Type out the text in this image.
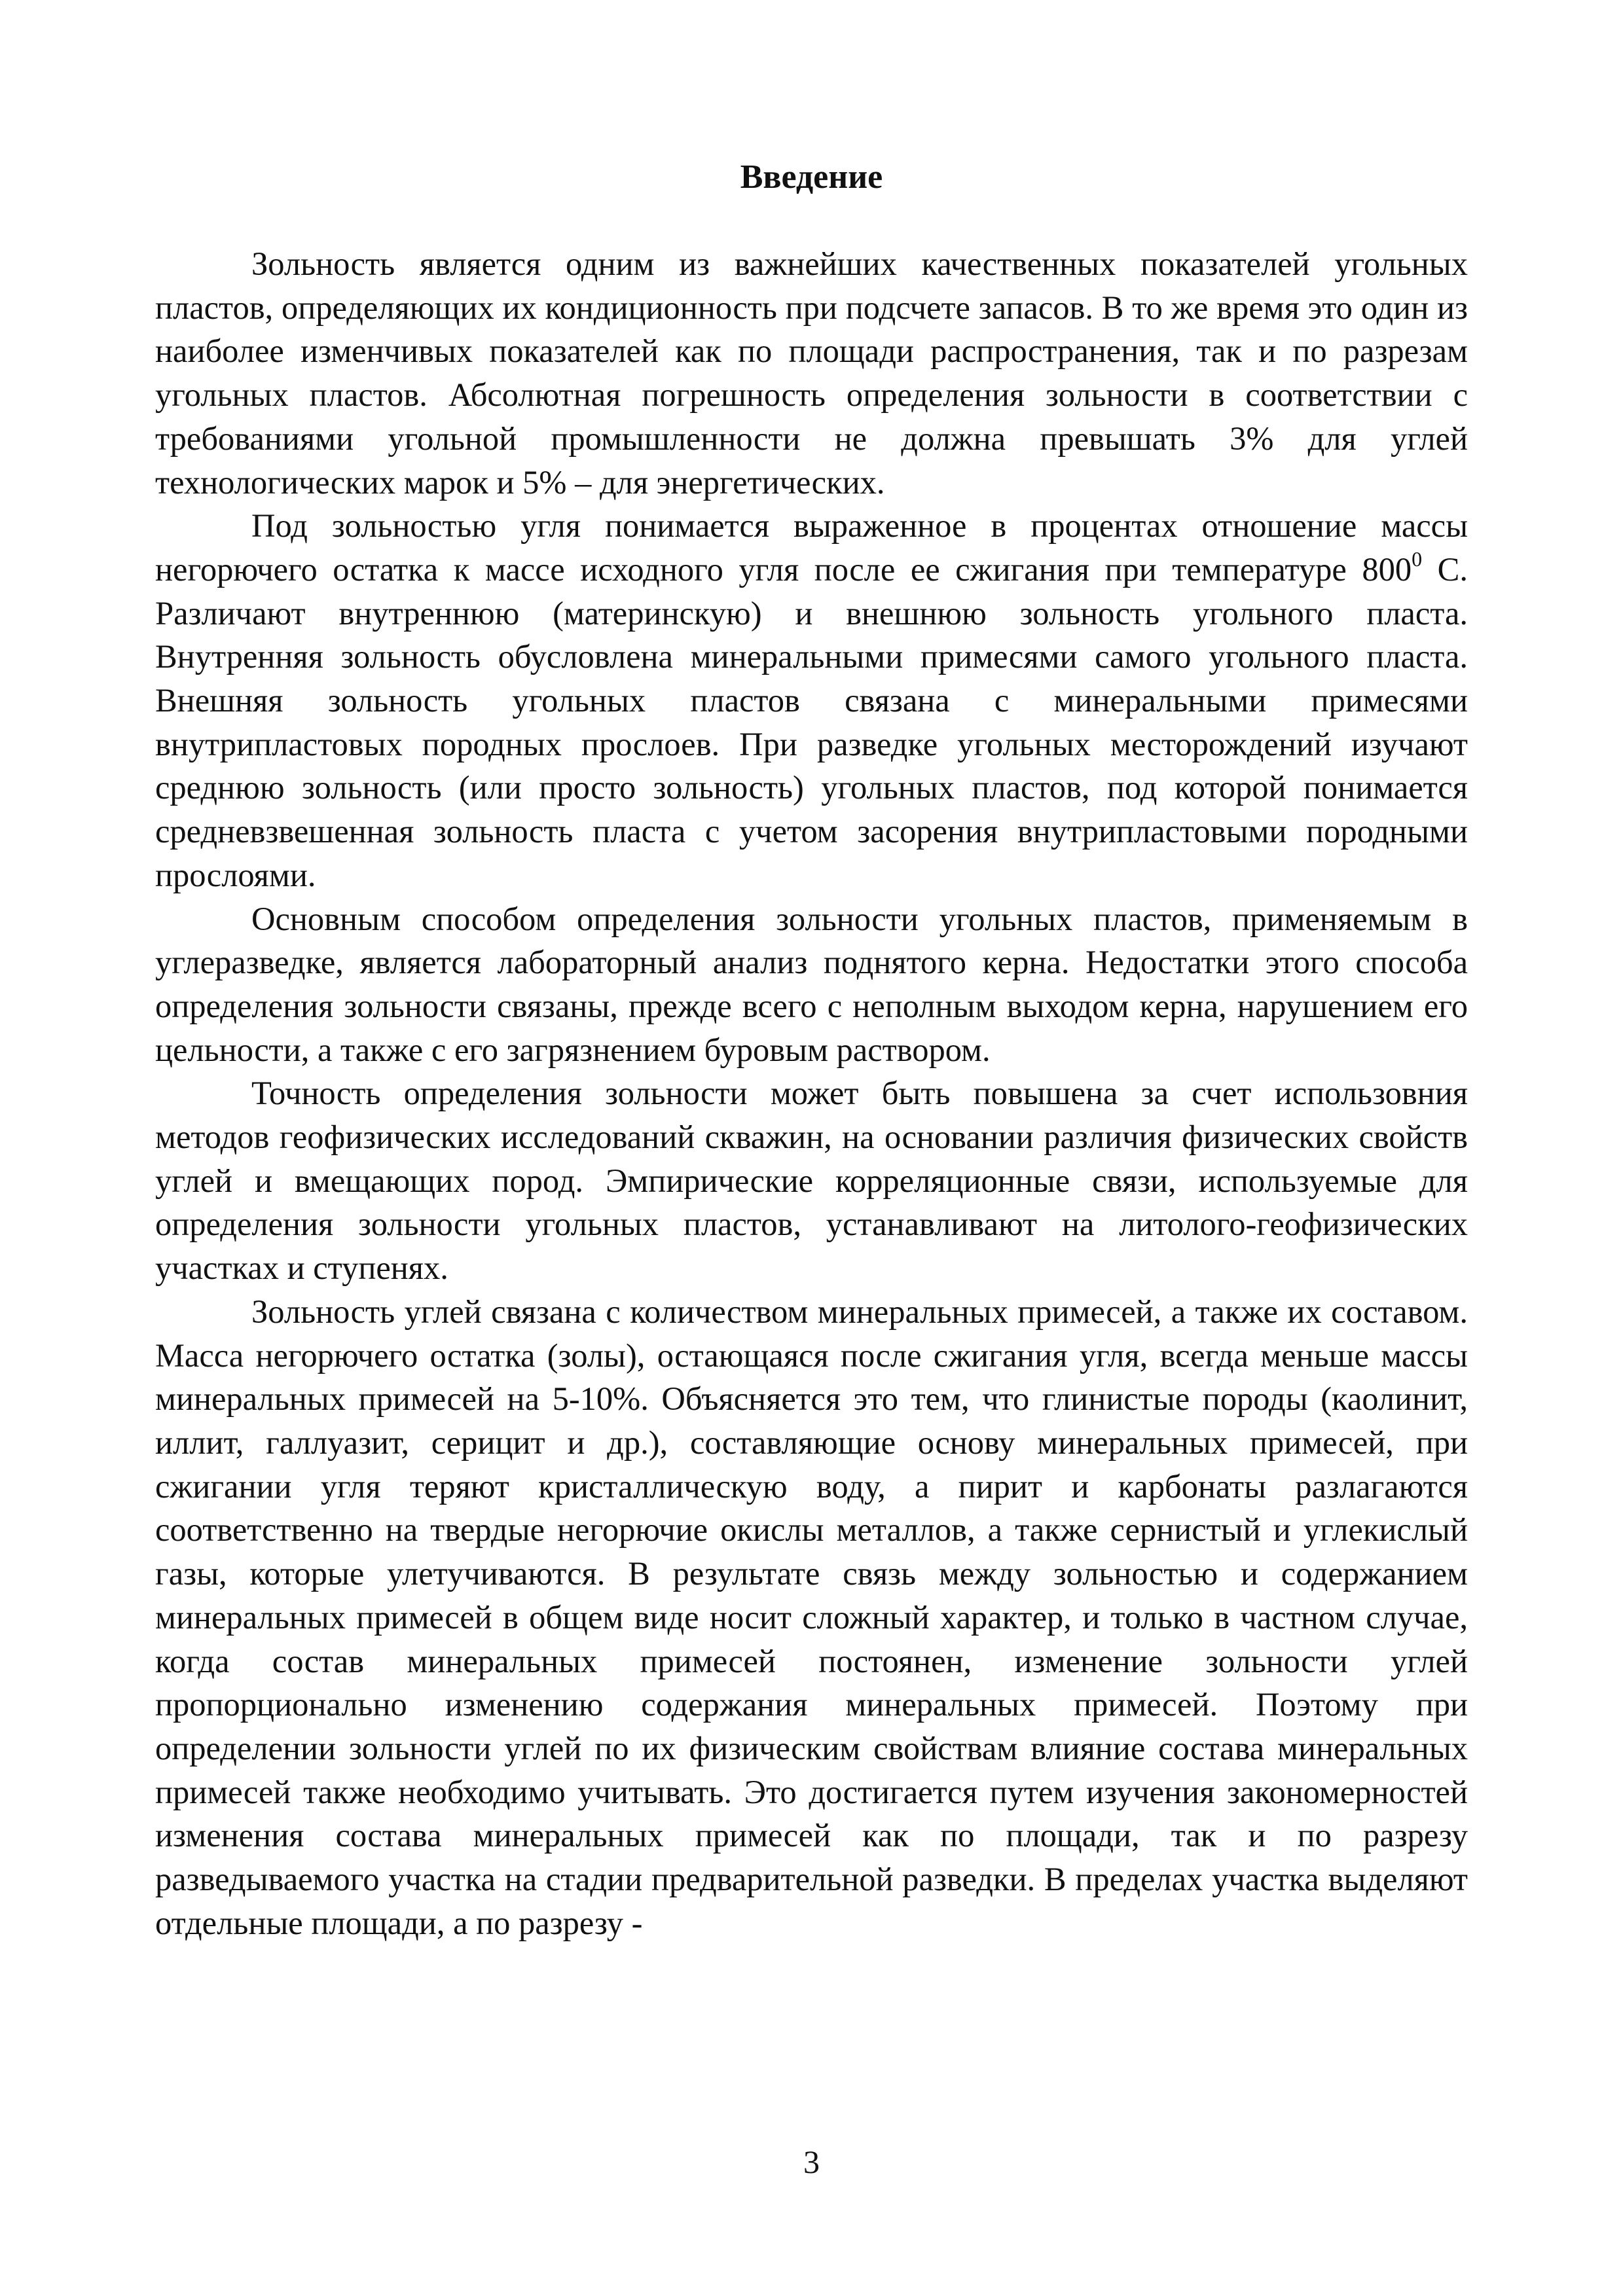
Введение

Зольность является одним из важнейших качественных показателей угольных пластов, определяющих их кондиционность при подсчете запасов. В то же время это один из наиболее изменчивых показателей как по площади распространения, так и по разрезам угольных пластов. Абсолютная погрешность определения зольности в соответствии с требованиями угольной промышленности не должна превышать 3% для углей технологических марок и 5% – для энергетических.

Под зольностью угля понимается выраженное в процентах отношение массы негорючего остатка к массе исходного угля после ее сжигания при температуре $800^0$ С. Различают внутреннюю (материнскую) и внешнюю зольность угольного пласта. Внутренняя зольность обусловлена минеральными примесями самого угольного пласта. Внешняя зольность угольных пластов связана с минеральными примесями внутрипластовых породных прослоев. При разведке угольных месторождений изучают среднюю зольность (или просто зольность) угольных пластов, под которой понимается средневзвешенная зольность пласта с учетом засорения внутрипластовыми породными прослоями.

Основным способом определения зольности угольных пластов, применяемым в углеразведке, является лабораторный анализ поднятого керна. Недостатки этого способа определения зольности связаны, прежде всего с неполным выходом керна, нарушением его цельности, а также с его загрязнением буровым раствором.

Точность определения зольности может быть повышена за счет использовния методов геофизических исследований скважин, на основании различия физических свойств углей и вмещающих пород. Эмпирические корреляционные связи, используемые для определения зольности угольных пластов, устанавливают на литолого-геофизических участках и ступенях.

Зольность углей связана с количеством минеральных примесей, а также их составом. Масса негорючего остатка (золы), остающаяся после сжигания угля, всегда меньше массы минеральных примесей на 5-10%. Объясняется это тем, что глинистые породы (каолинит, иллит, галлуазит, серицит и др.), составляющие основу минеральных примесей, при сжигании угля теряют кристаллическую воду, а пирит и карбонаты разлагаются соответственно на твердые негорючие окислы металлов, а также сернистый и углекислый газы, которые улетучиваются. В результате связь между зольностью и содержанием минеральных примесей в общем виде носит сложный характер, и только в частном случае, когда состав минеральных примесей постоянен, изменение зольности углей пропорционально изменению содержания минеральных примесей. Поэтому при определении зольности углей по их физическим свойствам влияние состава минеральных примесей также необходимо учитывать. Это достигается путем изучения закономерностей изменения состава минеральных примесей как по площади, так и по разрезу разведываемого участка на стадии предварительной разведки. В пределах участка выделяют отдельные площади, а по разрезу -

3
